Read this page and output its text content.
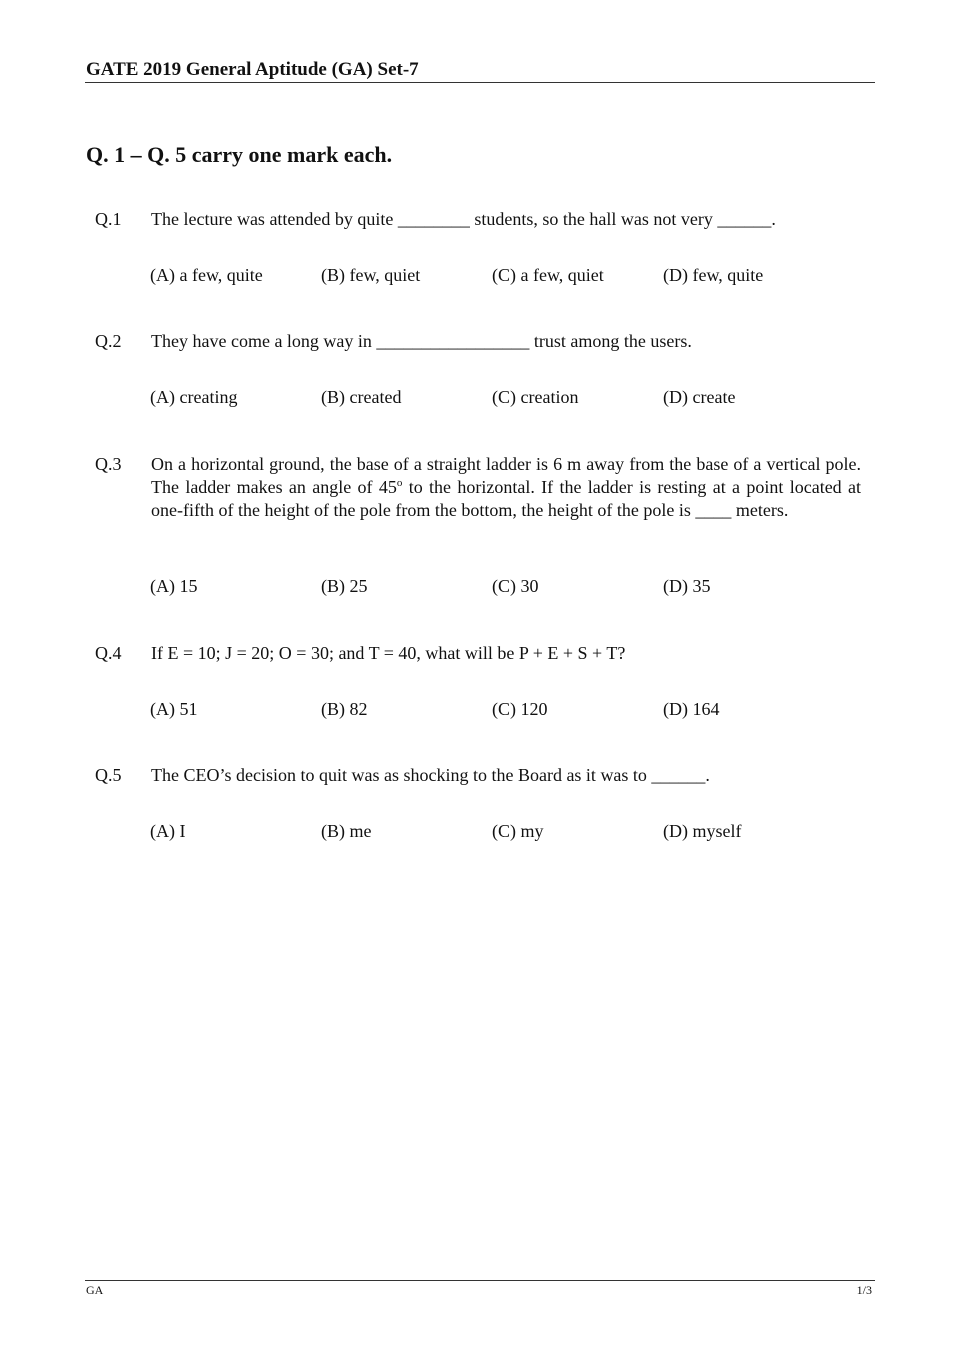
GATE 2019 General Aptitude (GA) Set-7
Q. 1 – Q. 5 carry one mark each.
Q.1 The lecture was attended by quite ________ students, so the hall was not very ______.
(A) a few, quite	(B) few, quiet	(C) a few, quiet	(D) few, quite
Q.2 They have come a long way in _________________ trust among the users.
(A) creating	(B) created	(C) creation	(D) create
Q.3 On a horizontal ground, the base of a straight ladder is 6 m away from the base of a vertical pole. The ladder makes an angle of 45$^o$ to the horizontal. If the ladder is resting at a point located at one-fifth of the height of the pole from the bottom, the height of the pole is ____ meters.
(A) 15	(B) 25	(C) 30	(D) 35
Q.4 If E = 10; J = 20; O = 30; and T = 40, what will be P + E + S + T?
(A) 51	(B) 82	(C) 120	(D) 164
Q.5 The CEO’s decision to quit was as shocking to the Board as it was to ______.
(A) I	(B) me	(C) my	(D) myself
GA	1/3
